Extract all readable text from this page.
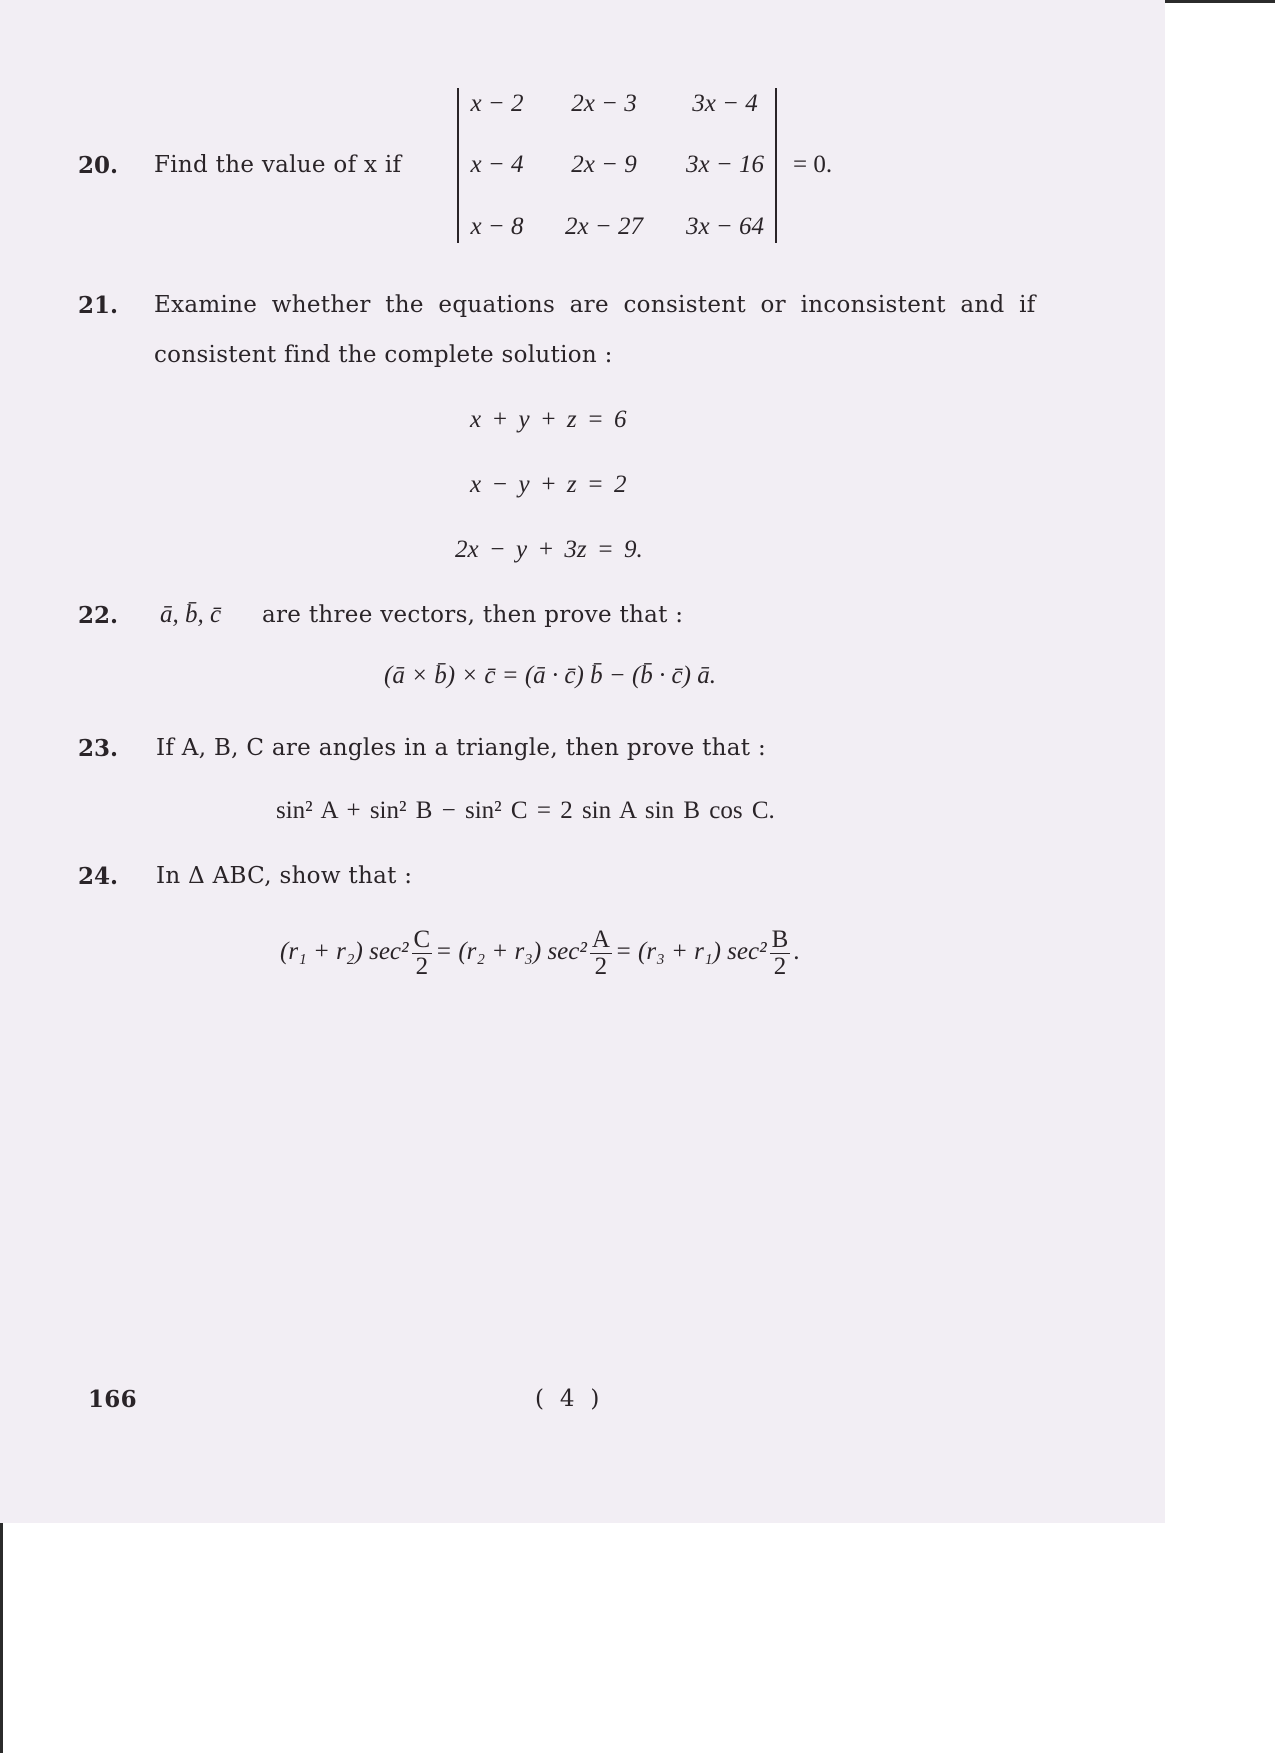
20. Find the value of x if
x − 2	2x − 3	3x − 4
x − 4	2x − 9	3x − 16
x − 8	2x − 27	3x − 64
= 0.
21. Examine whether the equations are consistent or inconsistent and if
consistent find the complete solution :
x + y + z = 6
x − y + z = 2
2x − y + 3z = 9.
22. ā, b̄, c̄ are three vectors, then prove that :
(ā × b̄) × c̄ = (ā · c̄) b̄ − (b̄ · c̄) ā.
23. If A, B, C are angles in a triangle, then prove that :
sin² A + sin² B − sin² C = 2 sin A sin B cos C.
24. In Δ ABC, show that :
(r₁ + r₂) $\sec^2 \frac{C}{2} = (r_2 + r_3)$ $\sec^2 \frac{A}{2} = (r_3 + r_1)$ $\sec^2 \frac{B}{2}$ .
166	( 4 )
